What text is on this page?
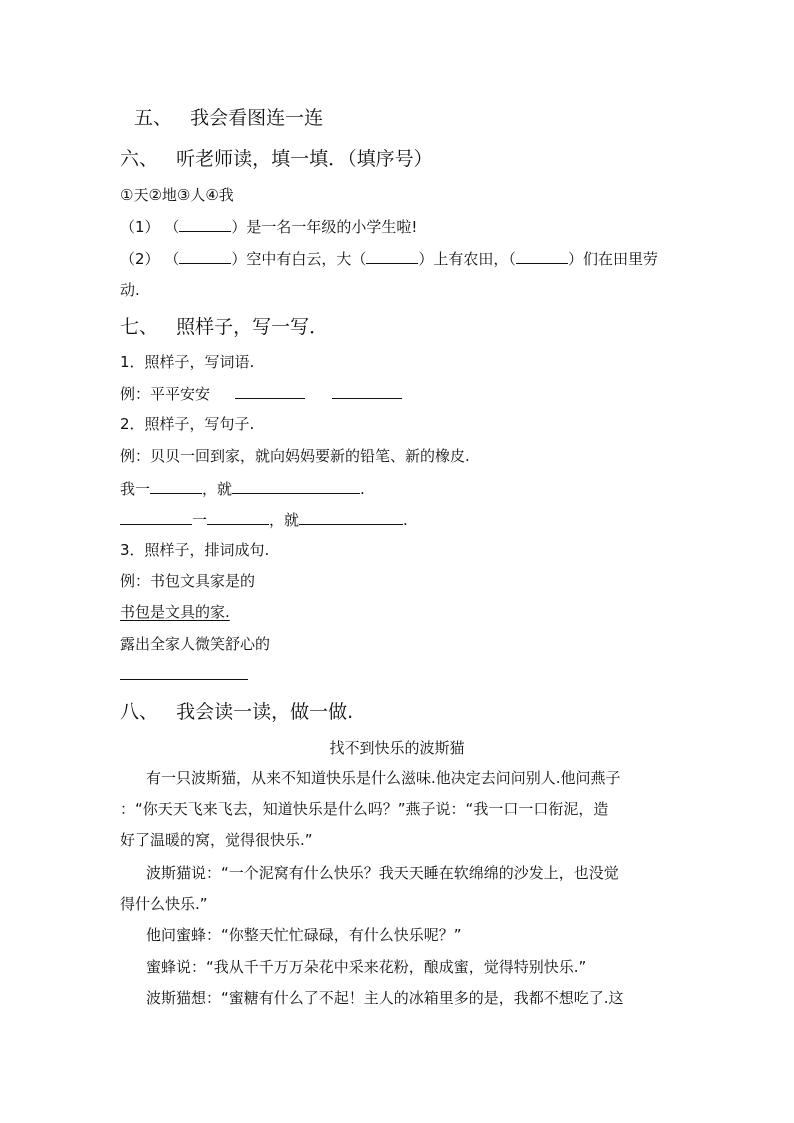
五、 我会看图连一连
六、 听老师读，填一填．（填序号）
①天②地③人④我
（1） （	）是一名一年级的小学生啦!
（2） （	）空中有白云，大（	）上有农田，（	）们在田里劳
动.
七、 照样子，写一写．
1．照样子，写词语.
例：平平安安
2．照样子，写句子.
例：贝贝一回到家，就向妈妈要新的铅笔、新的橡皮.
我一	，就	.
一	，就	.
3．照样子，排词成句.
例：书包文具家是的
书包是文具的家.
露出全家人微笑舒心的
八、 我会读一读，做一做.
找不到快乐的波斯猫
有一只波斯猫，从来不知道快乐是什么滋味.他决定去问问别人.他问燕子
：“你天天飞来飞去，知道快乐是什么吗？”燕子说：“我一口一口衔泥，造
好了温暖的窝，觉得很快乐.”
波斯猫说：“一个泥窝有什么快乐？我天天睡在软绵绵的沙发上，也没觉
得什么快乐.”
他问蜜蜂：“你整天忙忙碌碌，有什么快乐呢？”
蜜蜂说：“我从千千万万朵花中采来花粉，酿成蜜，觉得特别快乐.”
波斯猫想：“蜜糖有什么了不起！主人的冰箱里多的是，我都不想吃了.这
